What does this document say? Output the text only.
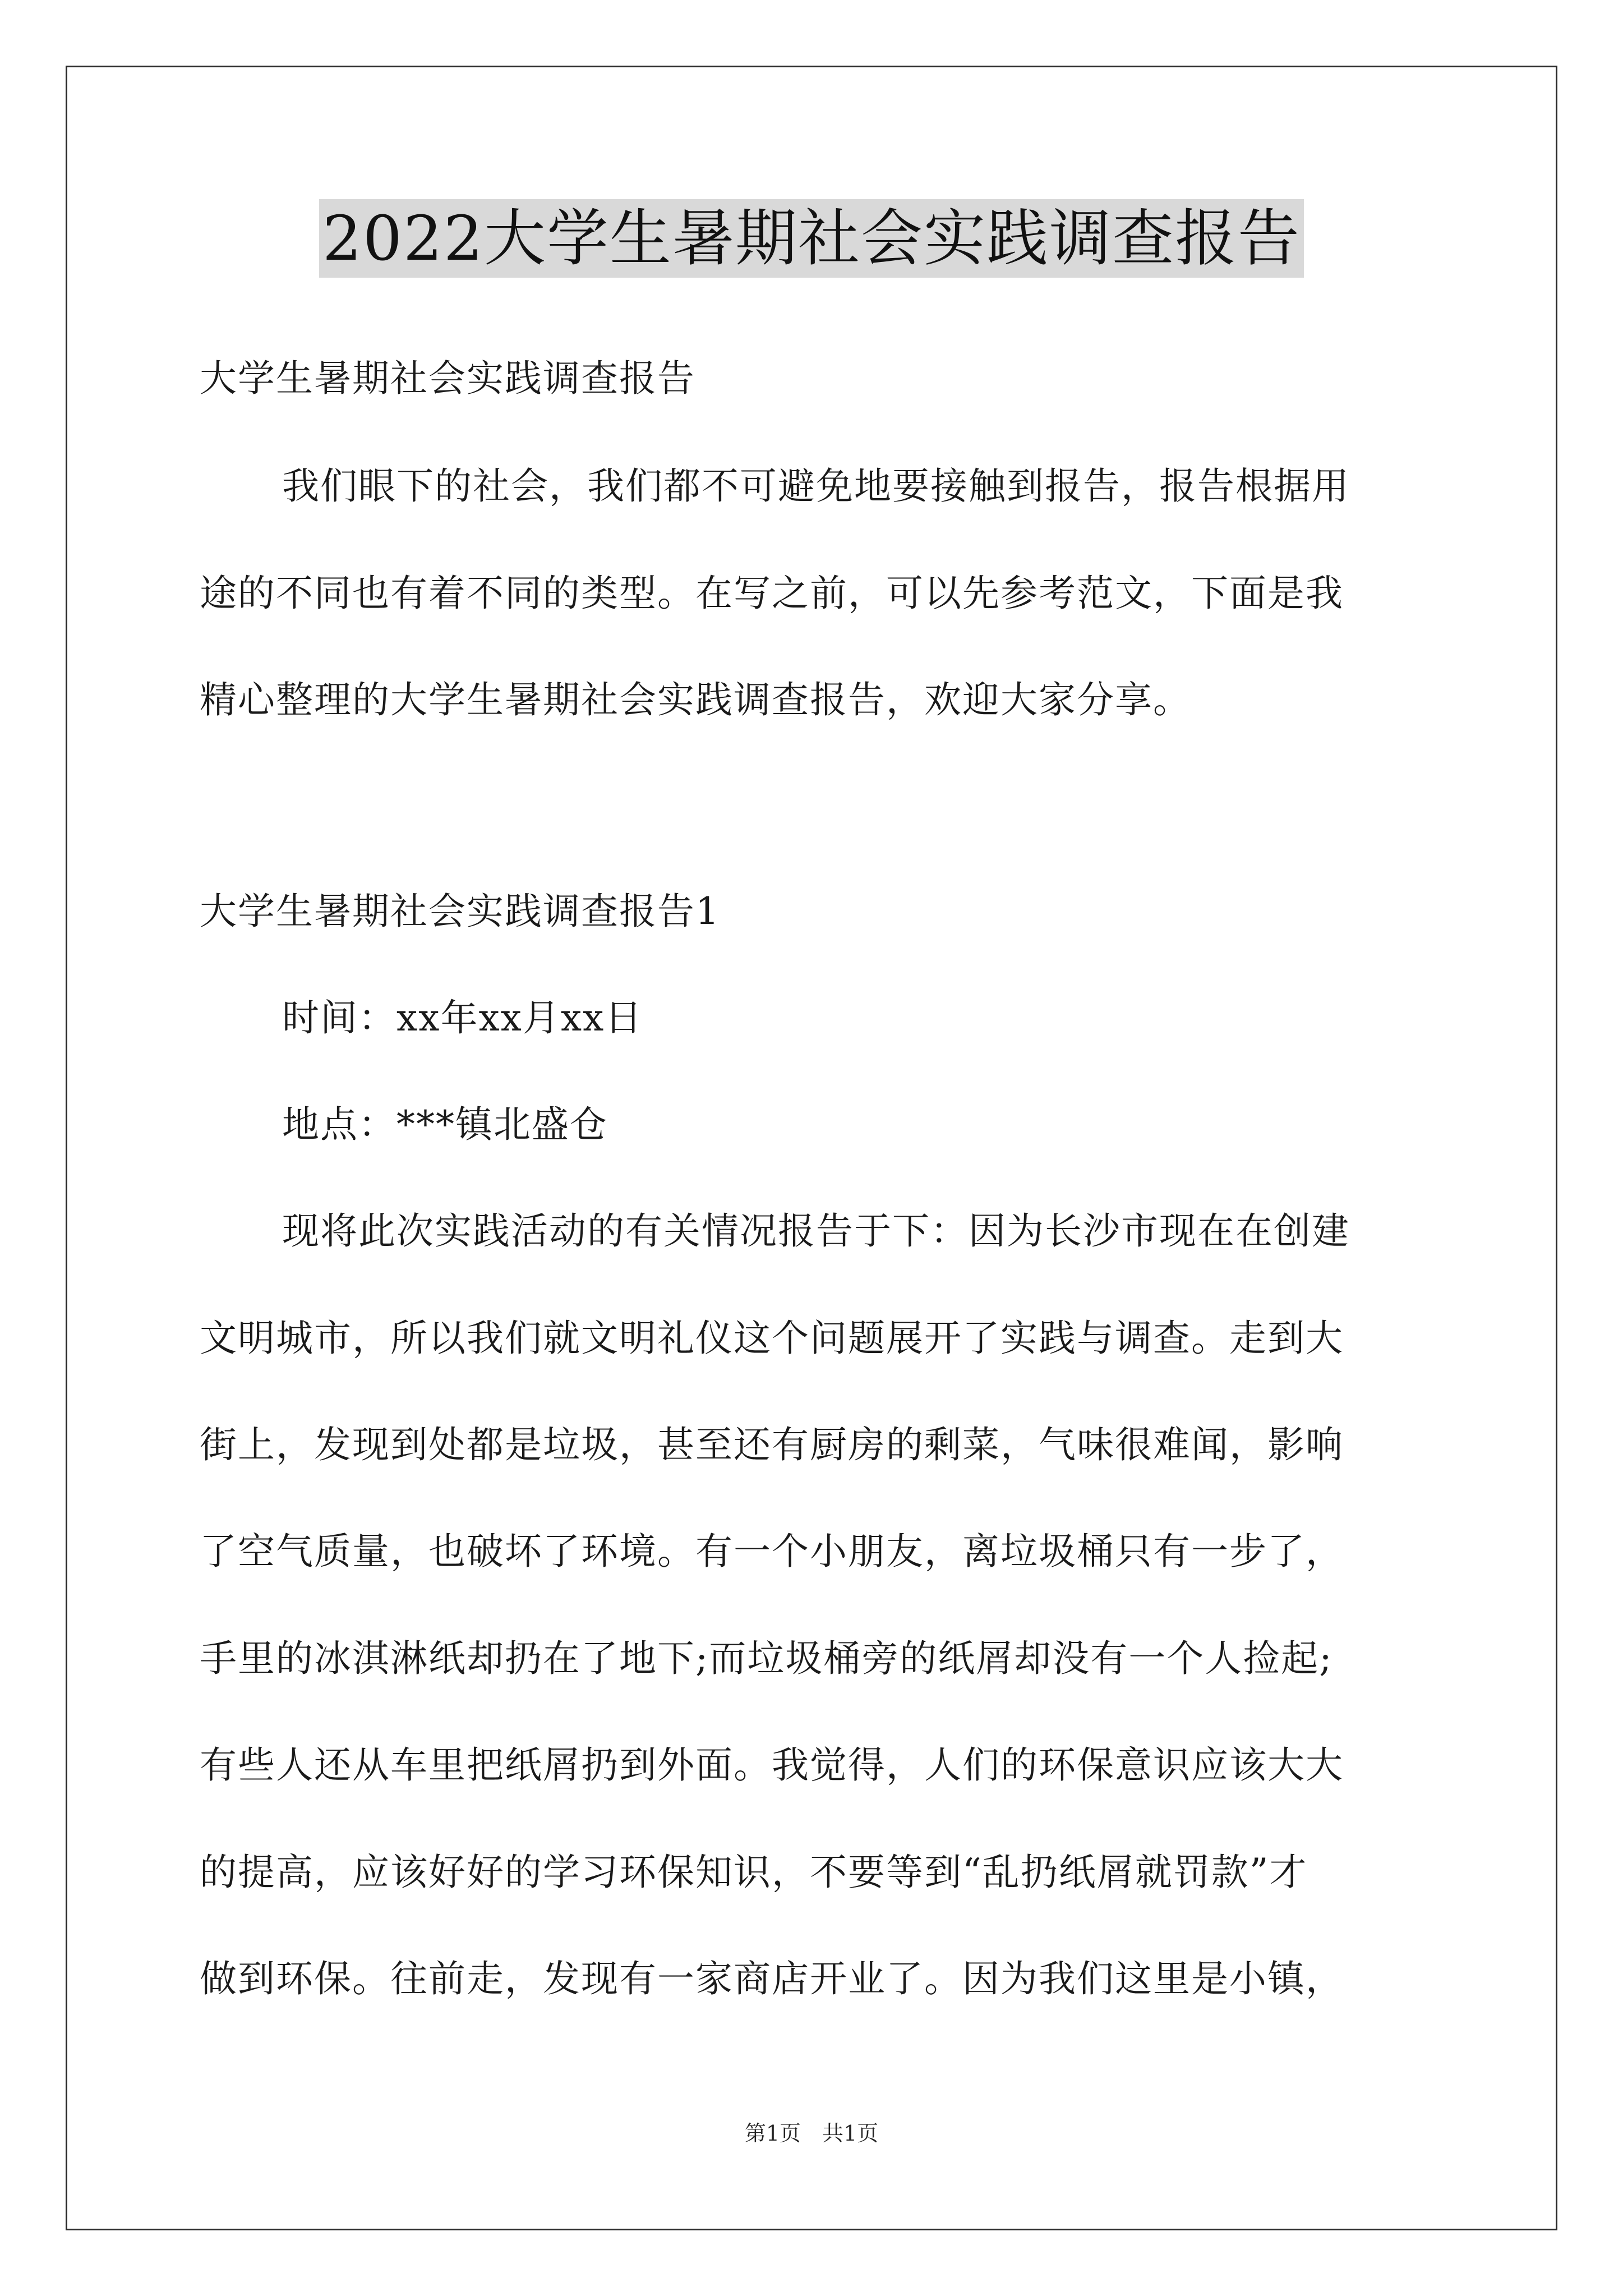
2022大学生暑期社会实践调查报告
大学生暑期社会实践调查报告
我们眼下的社会，我们都不可避免地要接触到报告，报告根据用
途的不同也有着不同的类型。在写之前，可以先参考范文，下面是我
精心整理的大学生暑期社会实践调查报告，欢迎大家分享。
大学生暑期社会实践调查报告1
时间：xx年xx月xx日
地点：***镇北盛仓
现将此次实践活动的有关情况报告于下：因为长沙市现在在创建
文明城市，所以我们就文明礼仪这个问题展开了实践与调查。走到大
街上，发现到处都是垃圾，甚至还有厨房的剩菜，气味很难闻，影响
了空气质量，也破坏了环境。有一个小朋友，离垃圾桶只有一步了，
手里的冰淇淋纸却扔在了地下;而垃圾桶旁的纸屑却没有一个人捡起;
有些人还从车里把纸屑扔到外面。我觉得，人们的环保意识应该大大
的提高，应该好好的学习环保知识，不要等到“乱扔纸屑就罚款”才
做到环保。往前走，发现有一家商店开业了。因为我们这里是小镇，
第1页　共1页
